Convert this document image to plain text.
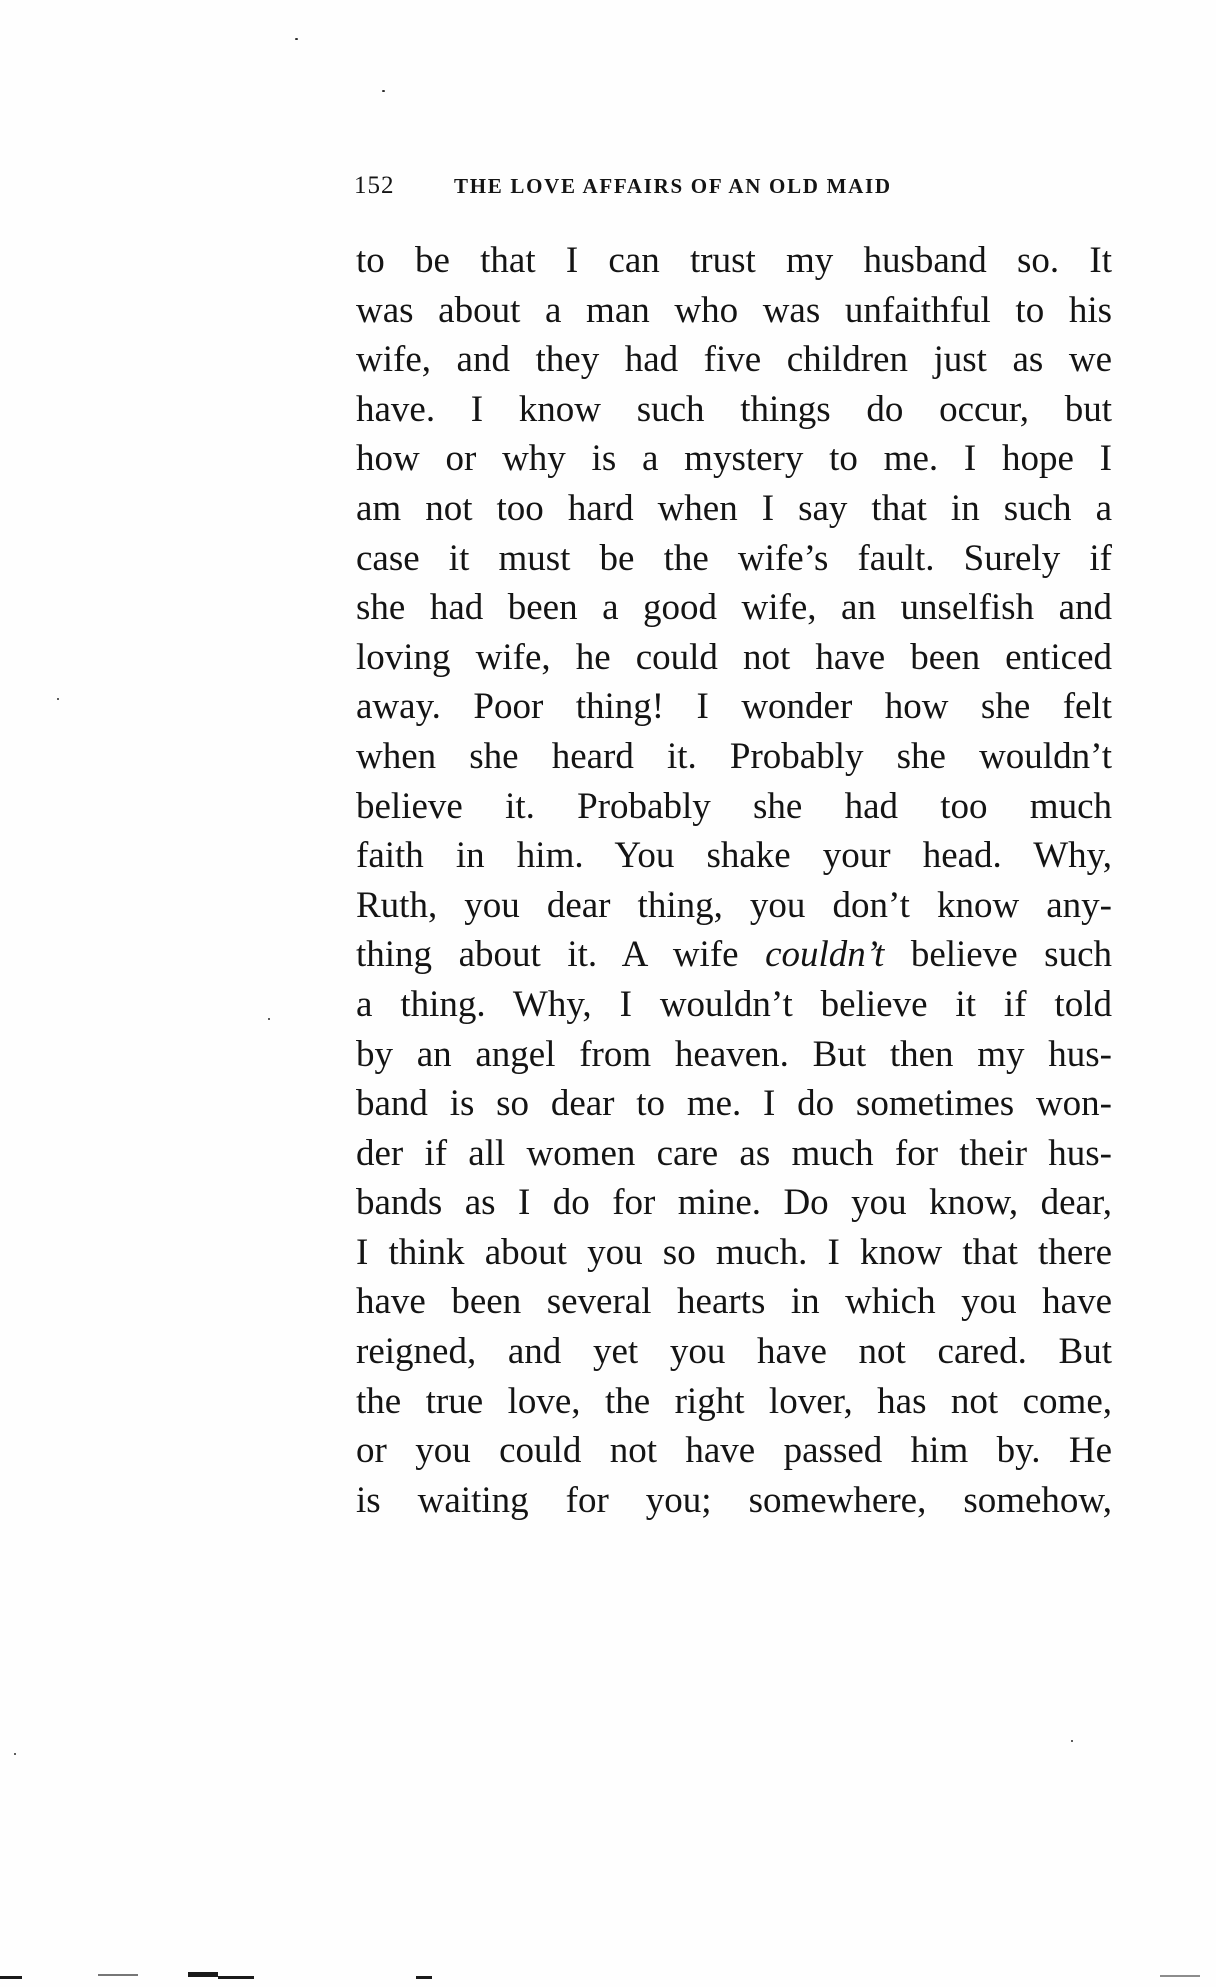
152	THE LOVE AFFAIRS OF AN OLD MAID
to be that I can trust my husband so. It
was about a man who was unfaithful to his
wife, and they had five children just as we
have. I know such things do occur, but
how or why is a mystery to me. I hope I
am not too hard when I say that in such a
case it must be the wife’s fault. Surely if
she had been a good wife, an unselfish and
loving wife, he could not have been enticed
away. Poor thing! I wonder how she felt
when she heard it. Probably she wouldn’t
believe it. Probably she had too much
faith in him. You shake your head. Why,
Ruth, you dear thing, you don’t know any-
thing about it. A wife couldn’t believe such
a thing. Why, I wouldn’t believe it if told
by an angel from heaven. But then my hus-
band is so dear to me. I do sometimes won-
der if all women care as much for their hus-
bands as I do for mine. Do you know, dear,
I think about you so much. I know that there
have been several hearts in which you have
reigned, and yet you have not cared. But
the true love, the right lover, has not come,
or you could not have passed him by. He
is waiting for you; somewhere, somehow,
